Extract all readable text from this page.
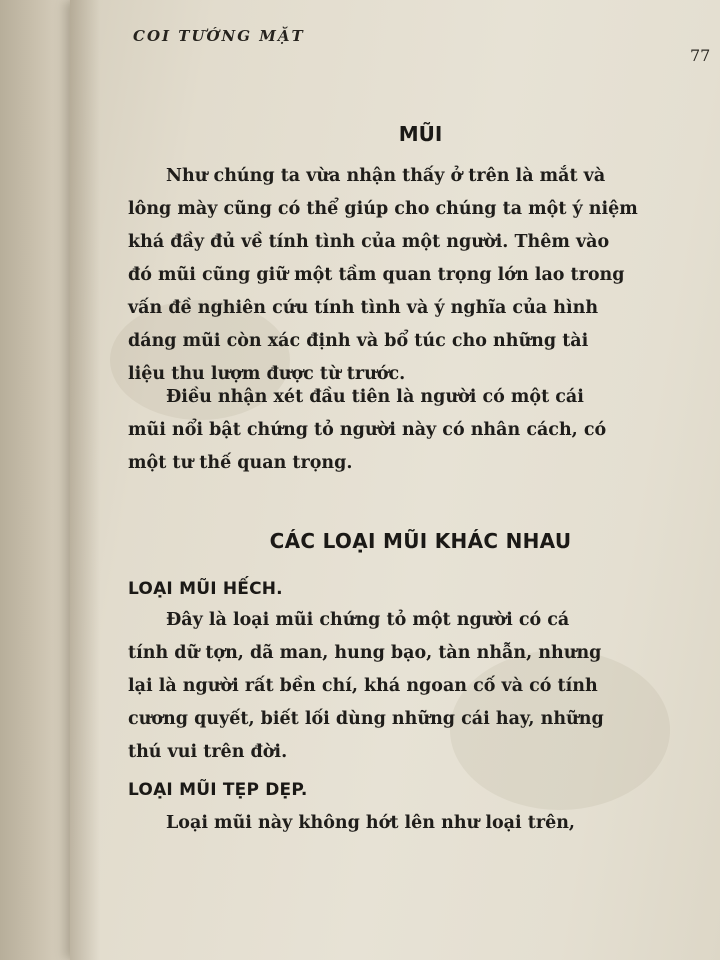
COI TƯỚNG MẶT

77

MŨI

Như chúng ta vừa nhận thấy ở trên là mắt và
lông mày cũng có thể giúp cho chúng ta một ý niệm
khá đầy đủ về tính tình của một người. Thêm vào
đó mũi cũng giữ một tầm quan trọng lớn lao trong
vấn đề nghiên cứu tính tình và ý nghĩa của hình
dáng mũi còn xác định và bổ túc cho những tài
liệu thu lượm được từ trước.

Điều nhận xét đầu tiên là người có một cái
mũi nổi bật chứng tỏ người này có nhân cách, có
một tư thế quan trọng.

CÁC LOẠI MŨI KHÁC NHAU
LOẠI MŨI HẾCH.

Đây là loại mũi chứng tỏ một người có cá
tính dữ tợn, dã man, hung bạo, tàn nhẫn, nhưng
lại là người rất bền chí, khá ngoan cố và có tính
cương quyết, biết lối dùng những cái hay, những
thú vui trên đời.

LOẠI MŨI TẸP DẸP.

Loại mũi này không hớt lên như loại trên,
